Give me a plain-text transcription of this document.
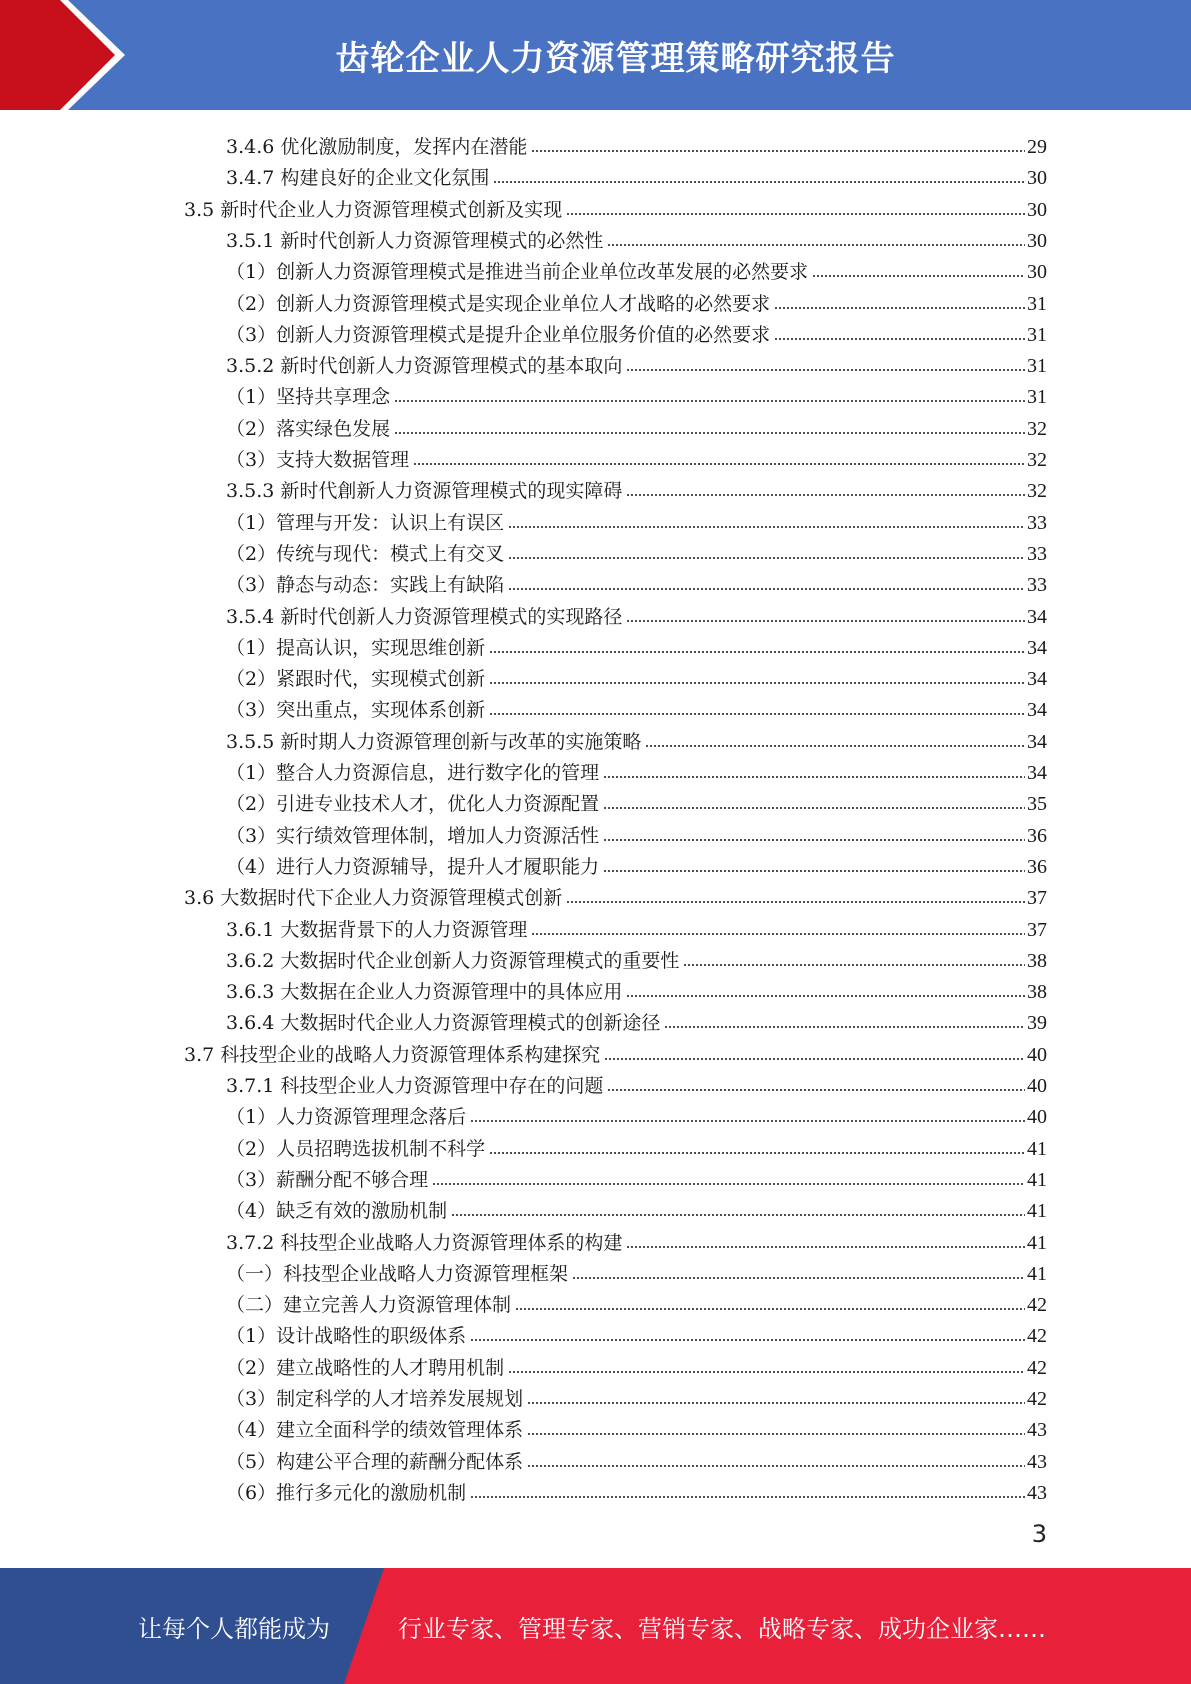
齿轮企业人力资源管理策略研究报告
3.4.6 优化激励制度，发挥内在潜能	29
3.4.7 构建良好的企业文化氛围	30
3.5 新时代企业人力资源管理模式创新及实现	30
3.5.1 新时代创新人力资源管理模式的必然性	30
（1）创新人力资源管理模式是推进当前企业单位改革发展的必然要求	30
（2）创新人力资源管理模式是实现企业单位人才战略的必然要求	31
（3）创新人力资源管理模式是提升企业单位服务价值的必然要求	31
3.5.2 新时代创新人力资源管理模式的基本取向	31
（1）坚持共享理念	31
（2）落实绿色发展	32
（3）支持大数据管理	32
3.5.3 新时代創新人力资源管理模式的现实障碍	32
（1）管理与开发：认识上有误区	33
（2）传统与现代：模式上有交叉	33
（3）静态与动态：实践上有缺陷	33
3.5.4 新时代创新人力资源管理模式的实现路径	34
（1）提高认识，实现思维创新	34
（2）紧跟时代，实现模式创新	34
（3）突出重点，实现体系创新	34
3.5.5 新时期人力资源管理创新与改革的实施策略	34
（1）整合人力资源信息，进行数字化的管理	34
（2）引进专业技术人才，优化人力资源配置	35
（3）实行绩效管理体制，增加人力资源活性	36
（4）进行人力资源辅导，提升人才履职能力	36
3.6 大数据时代下企业人力资源管理模式创新	37
3.6.1 大数据背景下的人力资源管理	37
3.6.2 大数据时代企业创新人力资源管理模式的重要性	38
3.6.3 大数据在企业人力资源管理中的具体应用	38
3.6.4 大数据时代企业人力资源管理模式的创新途径	39
3.7 科技型企业的战略人力资源管理体系构建探究	40
3.7.1 科技型企业人力资源管理中存在的问题	40
（1）人力资源管理理念落后	40
（2）人员招聘选拔机制不科学	41
（3）薪酬分配不够合理	41
（4）缺乏有效的激励机制	41
3.7.2 科技型企业战略人力资源管理体系的构建	41
（一）科技型企业战略人力资源管理框架	41
（二）建立完善人力资源管理体制	42
（1）设计战略性的职级体系	42
（2）建立战略性的人才聘用机制	42
（3）制定科学的人才培养发展规划	42
（4）建立全面科学的绩效管理体系	43
（5）构建公平合理的薪酬分配体系	43
（6）推行多元化的激励机制	43
3
让每个人都能成为	行业专家、管理专家、营销专家、战略专家、成功企业家……
